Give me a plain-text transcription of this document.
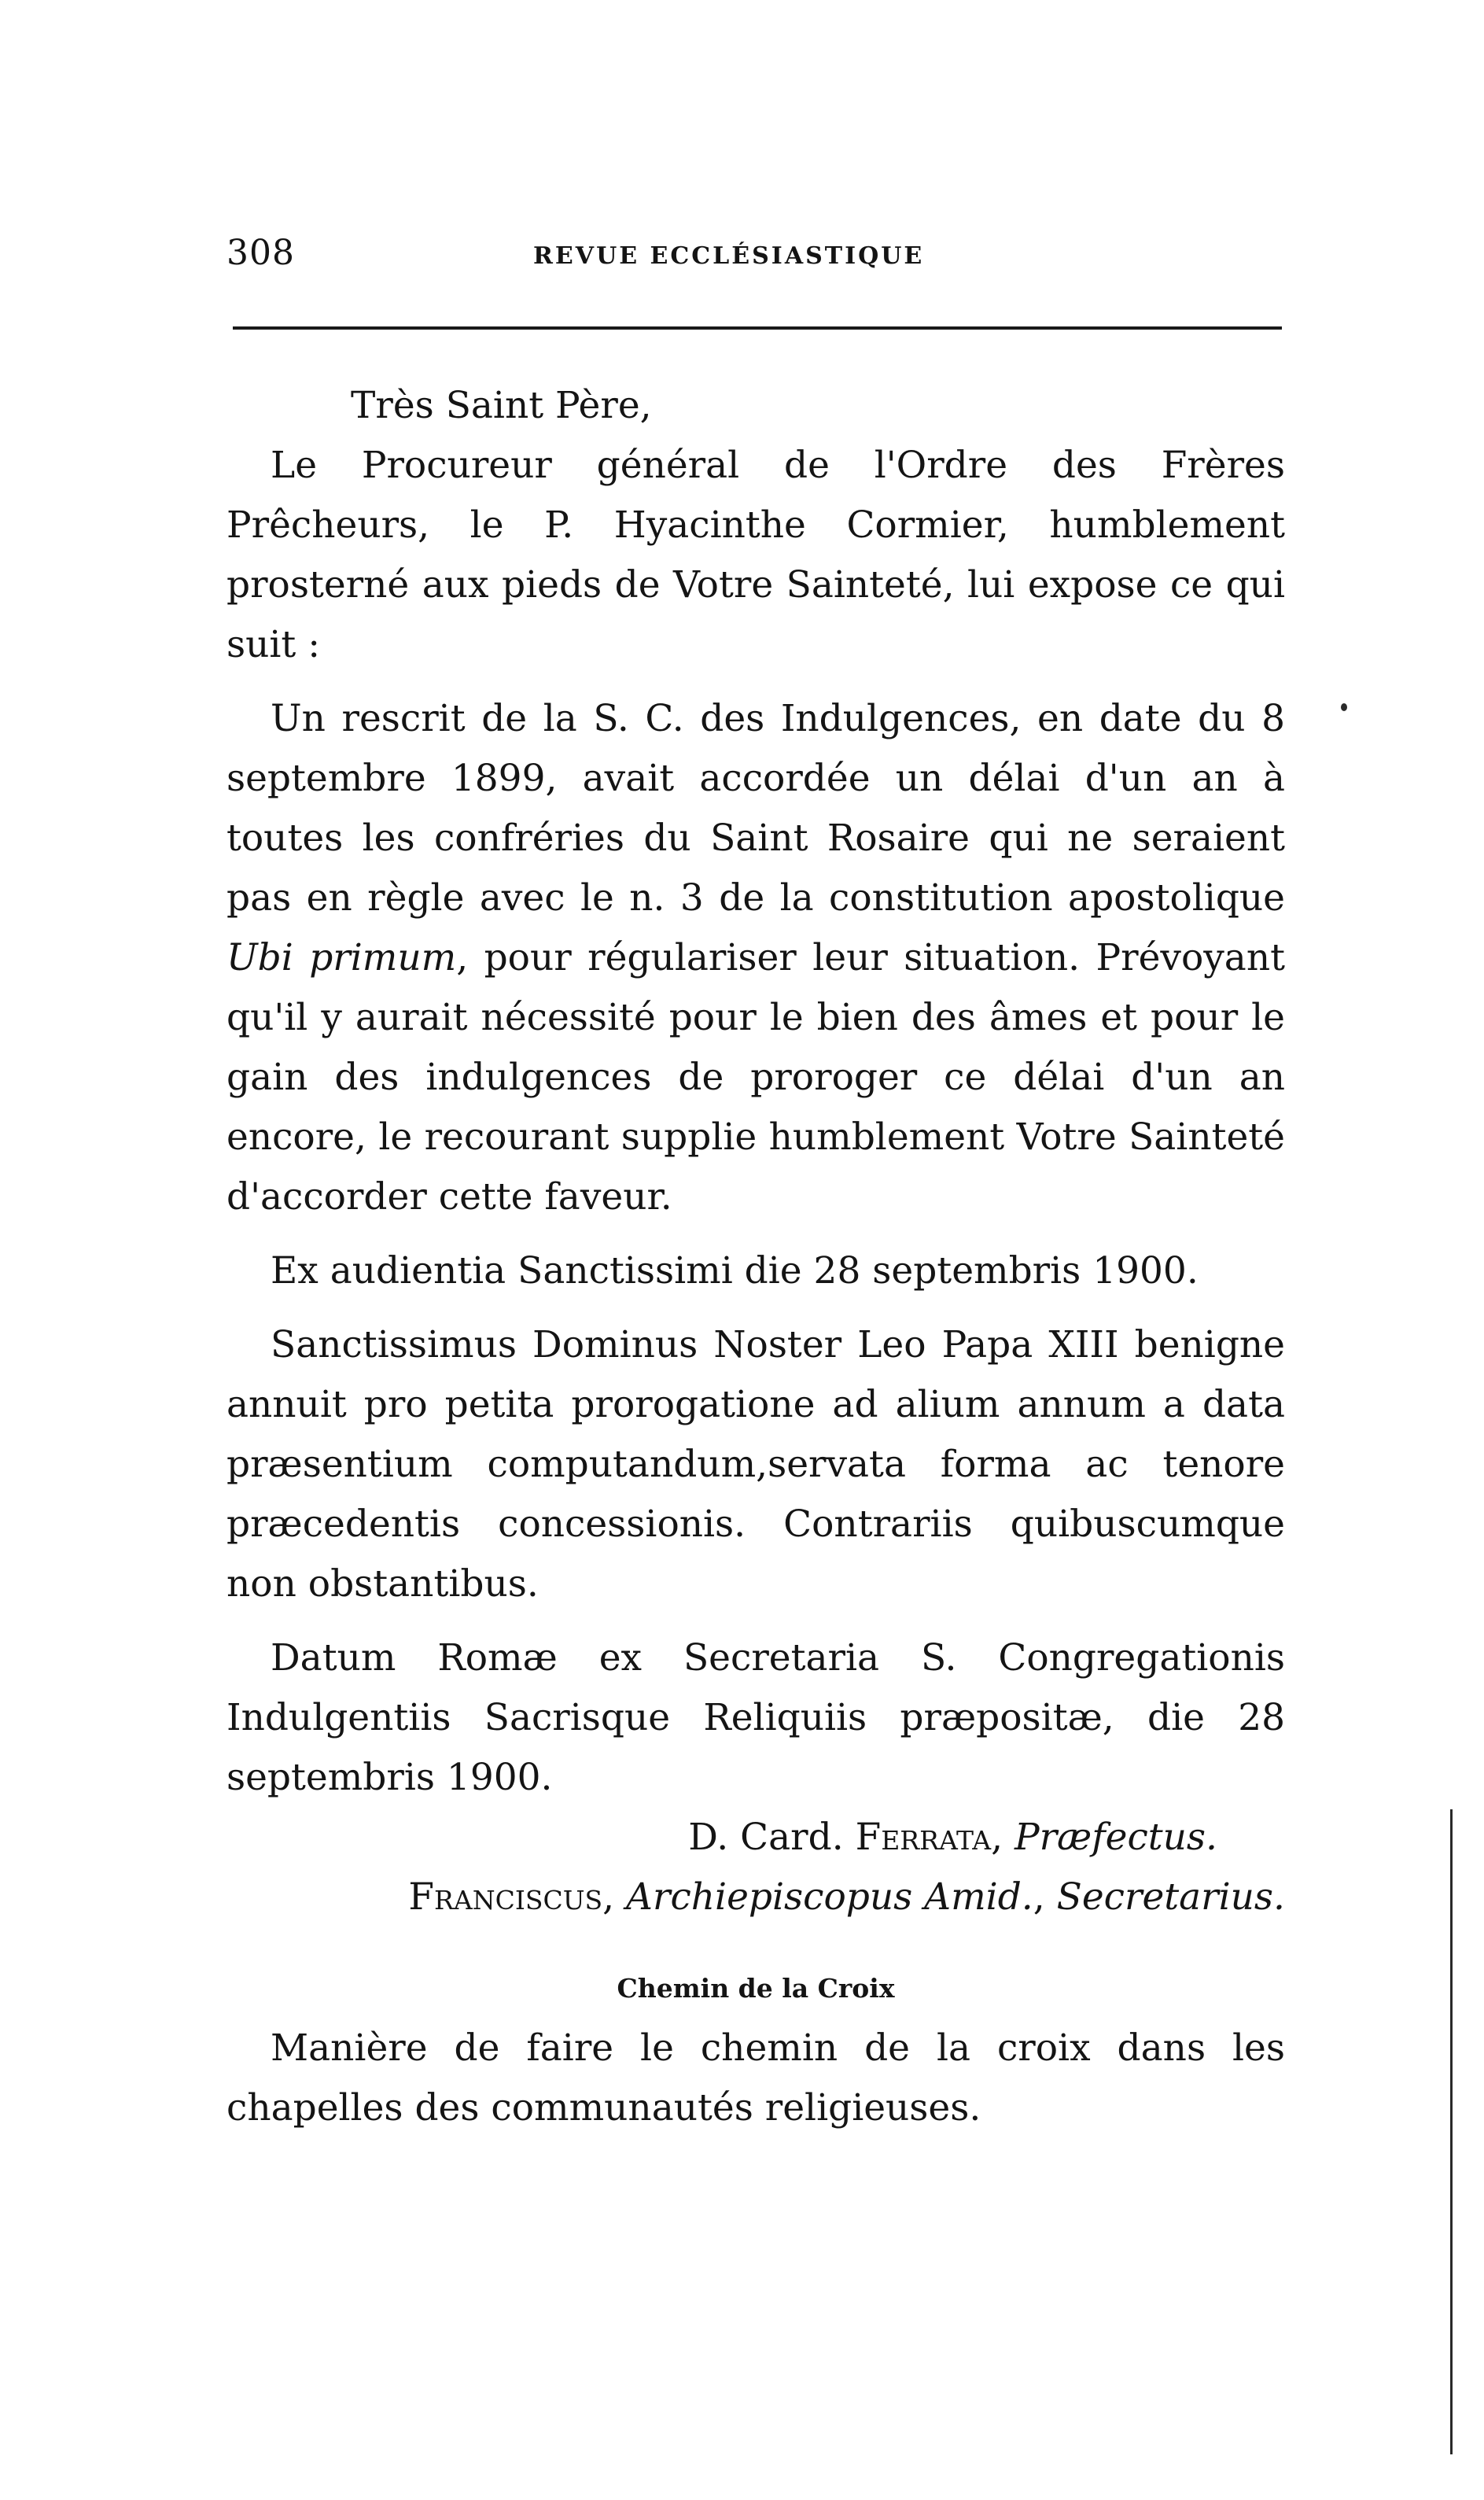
308	REVUE ECCLÉSIASTIQUE

Très Saint Père,

Le Procureur général de l'Ordre des Frères Prêcheurs, le P. Hyacinthe Cormier, humblement prosterné aux pieds de Votre Sainteté, lui expose ce qui suit :

Un rescrit de la S. C. des Indulgences, en date du 8 septembre 1899, avait accordée un délai d'un an à toutes les confréries du Saint Rosaire qui ne seraient pas en règle avec le n. 3 de la constitution apostolique Ubi primum, pour régulariser leur situation. Prévoyant qu'il y aurait nécessité pour le bien des âmes et pour le gain des indulgences de proroger ce délai d'un an encore, le recourant supplie humblement Votre Sainteté d'accorder cette faveur.

Ex audientia Sanctissimi die 28 septembris 1900.

Sanctissimus Dominus Noster Leo Papa XIII benigne annuit pro petita prorogatione ad alium annum a data præsentium computandum,servata forma ac tenore præcedentis concessionis. Contrariis quibuscumque non obstantibus.

Datum Romæ ex Secretaria S. Congregationis Indulgentiis Sacrisque Reliquiis præpositæ, die 28 septembris 1900.

D. Card. Ferrata, Præfectus.

Franciscus, Archiepiscopus Amid., Secretarius.

Chemin de la Croix

Manière de faire le chemin de la croix dans les chapelles des communautés religieuses.
